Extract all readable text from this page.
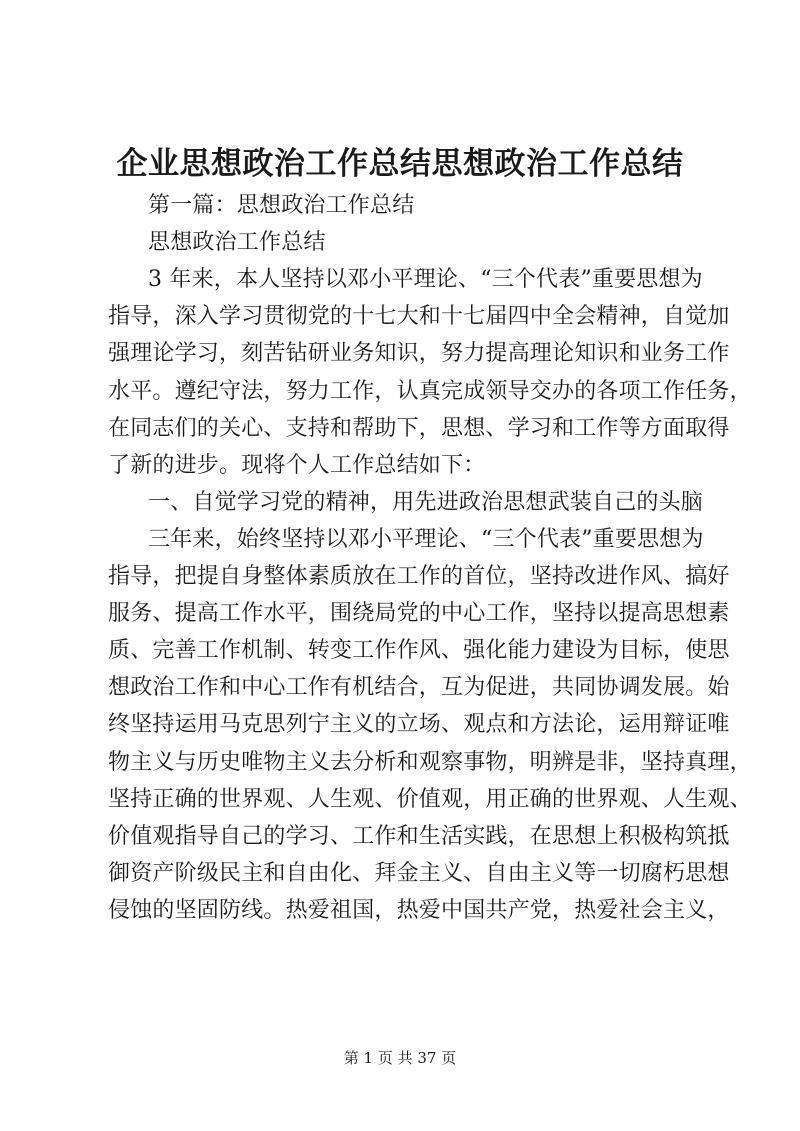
企业思想政治工作总结思想政治工作总结
第一篇：思想政治工作总结
思想政治工作总结
3 年来，本人坚持以邓小平理论、“三个代表”重要思想为
指导，深入学习贯彻党的十七大和十七届四中全会精神，自觉加
强理论学习，刻苦钻研业务知识，努力提高理论知识和业务工作
水平。遵纪守法，努力工作，认真完成领导交办的各项工作任务，
在同志们的关心、支持和帮助下，思想、学习和工作等方面取得
了新的进步。现将个人工作总结如下：
一、自觉学习党的精神，用先进政治思想武装自己的头脑
三年来，始终坚持以邓小平理论、“三个代表”重要思想为
指导，把提自身整体素质放在工作的首位，坚持改进作风、搞好
服务、提高工作水平，围绕局党的中心工作，坚持以提高思想素
质、完善工作机制、转变工作作风、强化能力建设为目标，使思
想政治工作和中心工作有机结合，互为促进，共同协调发展。始
终坚持运用马克思列宁主义的立场、观点和方法论，运用辩证唯
物主义与历史唯物主义去分析和观察事物，明辨是非，坚持真理，
坚持正确的世界观、人生观、价值观，用正确的世界观、人生观、
价值观指导自己的学习、工作和生活实践，在思想上积极构筑抵
御资产阶级民主和自由化、拜金主义、自由主义等一切腐朽思想
侵蚀的坚固防线。热爱祖国，热爱中国共产党，热爱社会主义，
第 1 页 共 37 页
